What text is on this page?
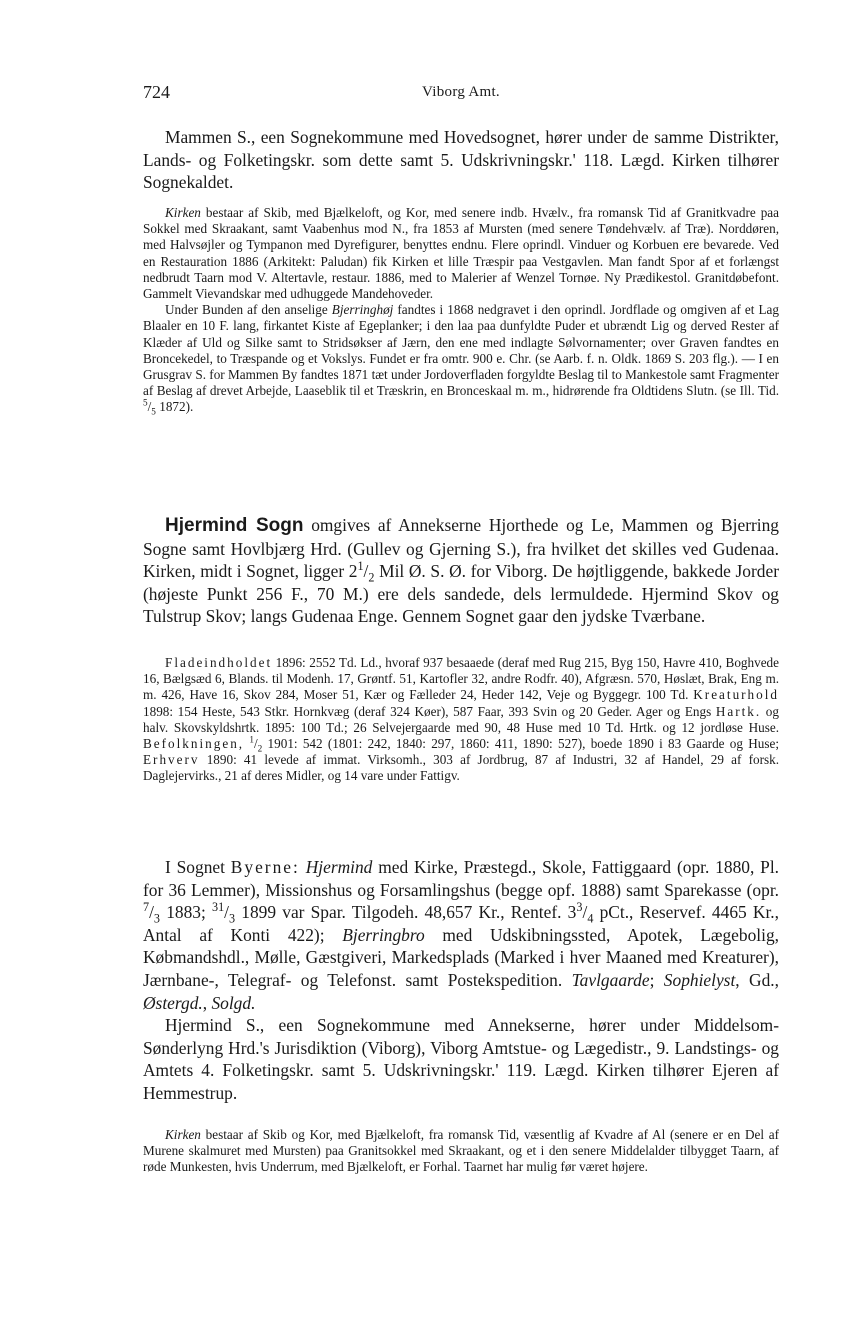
724	Viborg Amt.

Mammen S., een Sognekommune med Hovedsognet, hører under de samme Distrikter, Lands- og Folketingskr. som dette samt 5. Udskrivningskr.' 118. Lægd. Kirken tilhører Sognekaldet.

Kirken bestaar af Skib, med Bjælkeloft, og Kor, med senere indb. Hvælv., fra romansk Tid af Granitkvadre paa Sokkel med Skraakant, samt Vaabenhus mod N., fra 1853 af Mursten (med senere Tøndehvælv. af Træ). Norddøren, med Halvsøjler og Tympanon med Dyrefigurer, benyttes endnu. Flere oprindl. Vinduer og Korbuen ere bevarede. Ved en Restauration 1886 (Arkitekt: Paludan) fik Kirken et lille Træspir paa Vestgavlen. Man fandt Spor af et forlængst nedbrudt Taarn mod V. Altertavle, restaur. 1886, med to Malerier af Wenzel Tornøe. Ny Prædikestol. Granitdøbefont. Gammelt Vievandskar med udhuggede Mandehoveder.

Under Bunden af den anselige Bjerringhøj fandtes i 1868 nedgravet i den oprindl. Jordflade og omgiven af et Lag Blaaler en 10 F. lang, firkantet Kiste af Egeplanker; i den laa paa dunfyldte Puder et ubrændt Lig og derved Rester af Klæder af Uld og Silke samt to Stridsøkser af Jærn, den ene med indlagte Sølvornamenter; over Graven fandtes en Broncekedel, to Træspande og et Vokslys. Fundet er fra omtr. 900 e. Chr. (se Aarb. f. n. Oldk. 1869 S. 203 flg.). — I en Grusgrav S. for Mammen By fandtes 1871 tæt under Jordoverfladen forgyldte Beslag til to Mankestole samt Fragmenter af Beslag af drevet Arbejde, Laaseblik til et Træskrin, en Bronceskaal m. m., hidrørende fra Oldtidens Slutn. (se Ill. Tid. $^5/_5$ 1872).

Hjermind Sogn omgives af Annekserne Hjorthede og Le, Mammen og Bjerring Sogne samt Hovlbjærg Hrd. (Gullev og Gjerning S.), fra hvilket det skilles ved Gudenaa. Kirken, midt i Sognet, ligger $2^1/_2$ Mil Ø. S. Ø. for Viborg. De højtliggende, bakkede Jorder (højeste Punkt 256 F., 70 M.) ere dels sandede, dels lermuldede. Hjermind Skov og Tulstrup Skov; langs Gudenaa Enge. Gennem Sognet gaar den jydske Tværbane.

Fladeindholdet 1896: 2552 Td. Ld., hvoraf 937 besaaede (deraf med Rug 215, Byg 150, Havre 410, Boghvede 16, Bælgsæd 6, Blands. til Modenh. 17, Grøntf. 51, Kartofler 32, andre Rodfr. 40), Afgræsn. 570, Høslæt, Brak, Eng m. m. 426, Have 16, Skov 284, Moser 51, Kær og Fælleder 24, Heder 142, Veje og Byggegr. 100 Td. Kreaturhold 1898: 154 Heste, 543 Stkr. Hornkvæg (deraf 324 Køer), 587 Faar, 393 Svin og 20 Geder. Ager og Engs Hartk. og halv. Skovskyldshrtk. 1895: 100 Td.; 26 Selvejergaarde med 90, 48 Huse med 10 Td. Hrtk. og 12 jordløse Huse. Befolkningen, $^1/_2$ 1901: 542 (1801: 242, 1840: 297, 1860: 411, 1890: 527), boede 1890 i 83 Gaarde og Huse; Erhverv 1890: 41 levede af immat. Virksomh., 303 af Jordbrug, 87 af Industri, 32 af Handel, 29 af forsk. Daglejervirks., 21 af deres Midler, og 14 vare under Fattigv.

I Sognet Byerne: Hjermind med Kirke, Præstegd., Skole, Fattiggaard (opr. 1880, Pl. for 36 Lemmer), Missionshus og Forsamlingshus (begge opf. 1888) samt Sparekasse (opr. $^7/_3$ 1883; $^{31}/_3$ 1899 var Spar. Tilgodeh. 48,657 Kr., Rentef. $3^3/_4$ pCt., Reservef. 4465 Kr., Antal af Konti 422); Bjerringbro med Udskibningssted, Apotek, Lægebolig, Købmandshdl., Mølle, Gæstgiveri, Markedsplads (Marked i hver Maaned med Kreaturer), Jærnbane-, Telegraf- og Telefonst. samt Postekspedition. Tavlgaarde; Sophielyst, Gd., Østergd., Solgd.

Hjermind S., een Sognekommune med Annekserne, hører under Middelsom-Sønderlyng Hrd.'s Jurisdiktion (Viborg), Viborg Amtstue- og Lægedistr., 9. Landstings- og Amtets 4. Folketingskr. samt 5. Udskrivningskr.' 119. Lægd. Kirken tilhører Ejeren af Hemmestrup.

Kirken bestaar af Skib og Kor, med Bjælkeloft, fra romansk Tid, væsentlig af Kvadre af Al (senere er en Del af Murene skalmuret med Mursten) paa Granitsokkel med Skraakant, og et i den senere Middelalder tilbygget Taarn, af røde Munkesten, hvis Underrum, med Bjælkeloft, er Forhal. Taarnet har mulig før været højere.
